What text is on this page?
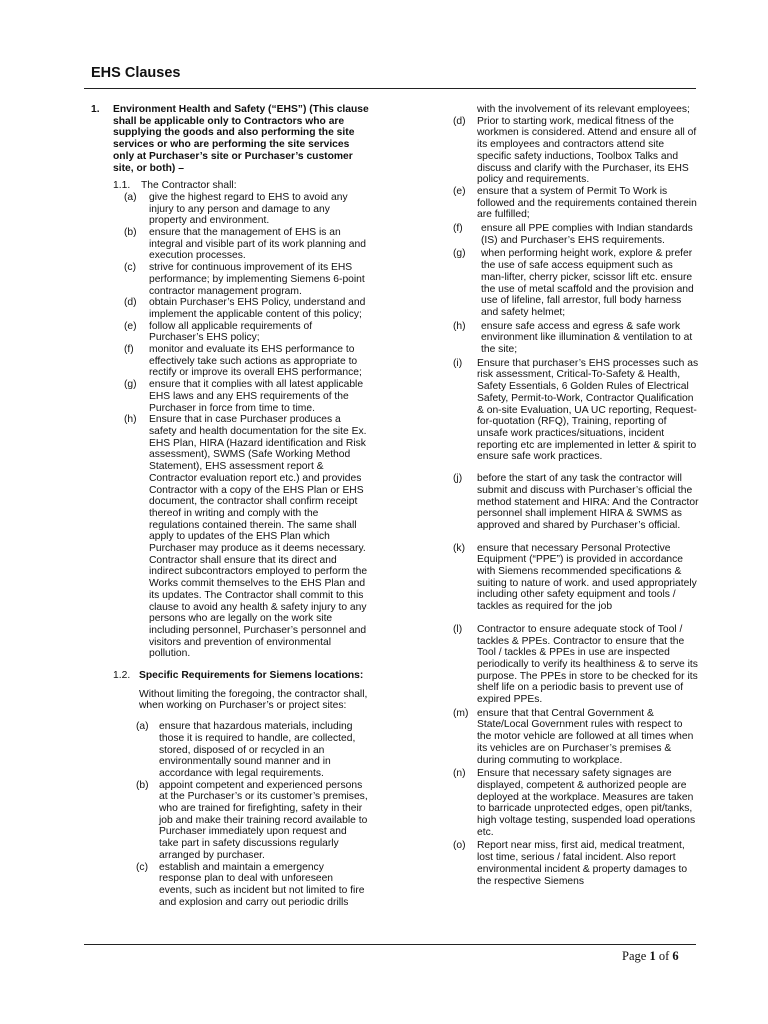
EHS Clauses
1. Environment Health and Safety (“EHS”) (This clause shall be applicable only to Contractors who are supplying the goods and also performing the site services or who are performing the site services only at Purchaser’s site or Purchaser’s customer site, or both) –
1.1. The Contractor shall:
(a) give the highest regard to EHS to avoid any injury to any person and damage to any property and environment.
(b) ensure that the management of EHS is an integral and visible part of its work planning and execution processes.
(c) strive for continuous improvement of its EHS performance; by implementing Siemens 6-point contractor management program.
(d) obtain Purchaser’s EHS Policy, understand and implement the applicable content of this policy;
(e) follow all applicable requirements of Purchaser’s EHS policy;
(f) monitor and evaluate its EHS performance to effectively take such actions as appropriate to rectify or improve its overall EHS performance;
(g) ensure that it complies with all latest applicable EHS laws and any EHS requirements of the Purchaser in force from time to time.
(h) Ensure that in case Purchaser produces a safety and health documentation for the site Ex. EHS Plan, HIRA (Hazard identification and Risk assessment), SWMS (Safe Working Method Statement), EHS assessment report & Contractor evaluation report etc.) and provides Contractor with a copy of the EHS Plan or EHS document, the contractor shall confirm receipt thereof in writing and comply with the regulations contained therein. The same shall apply to updates of the EHS Plan which Purchaser may produce as it deems necessary. Contractor shall ensure that its direct and indirect subcontractors employed to perform the Works commit themselves to the EHS Plan and its updates. The Contractor shall commit to this clause to avoid any health & safety injury to any persons who are legally on the work site including personnel, Purchaser’s personnel and visitors and prevention of environmental pollution.
1.2. Specific Requirements for Siemens locations:
Without limiting the foregoing, the contractor shall, when working on Purchaser’s or project sites:
(a) ensure that hazardous materials, including those it is required to handle, are collected, stored, disposed of or recycled in an environmentally sound manner and in accordance with legal requirements.
(b) appoint competent and experienced persons at the Purchaser’s or its customer’s premises, who are trained for firefighting, safety in their job and make their training record available to Purchaser immediately upon request and take part in safety discussions regularly arranged by purchaser.
(c) establish and maintain a emergency response plan to deal with unforeseen events, such as incident but not limited to fire and explosion and carry out periodic drills
with the involvement of its relevant employees;
(d) Prior to starting work, medical fitness of the workmen is considered. Attend and ensure all of its employees and contractors attend site specific safety inductions, Toolbox Talks and discuss and clarify with the Purchaser, its EHS policy and requirements.
(e) ensure that a system of Permit To Work is followed and the requirements contained therein are fulfilled;
(f) ensure all PPE complies with Indian standards (IS) and Purchaser’s EHS requirements.
(g) when performing height work, explore & prefer the use of safe access equipment such as man-lifter, cherry picker, scissor lift etc. ensure the use of metal scaffold and the provision and use of lifeline, fall arrestor, full body harness and safety helmet;
(h) ensure safe access and egress & safe work environment like illumination & ventilation to at the site;
(i) Ensure that purchaser’s EHS processes such as risk assessment, Critical-To-Safety & Health, Safety Essentials, 6 Golden Rules of Electrical Safety, Permit-to-Work, Contractor Qualification & on-site Evaluation, UA UC reporting, Request-for-quotation (RFQ), Training, reporting of unsafe work practices/situations, incident reporting etc are implemented in letter & spirit to ensure safe work practices.
(j) before the start of any task the contractor will submit and discuss with Purchaser’s official the method statement and HIRA: And the Contractor personnel shall implement HIRA & SWMS as approved and shared by Purchaser’s official.
(k) ensure that necessary Personal Protective Equipment (“PPE”) is provided in accordance with Siemens recommended specifications & suiting to nature of work. and used appropriately including other safety equipment and tools / tackles as required for the job
(l) Contractor to ensure adequate stock of Tool / tackles & PPEs. Contractor to ensure that the Tool / tackles & PPEs in use are inspected periodically to verify its healthiness & to serve its purpose. The PPEs in store to be checked for its shelf life on a periodic basis to prevent use of expired PPEs.
(m) ensure that that Central Government & State/Local Government rules with respect to the motor vehicle are followed at all times when its vehicles are on Purchaser’s premises & during commuting to workplace.
(n) Ensure that necessary safety signages are displayed, competent & authorized people are deployed at the workplace. Measures are taken to barricade unprotected edges, open pit/tanks, high voltage testing, suspended load operations etc.
(o) Report near miss, first aid, medical treatment, lost time, serious / fatal incident. Also report environmental incident & property damages to the respective Siemens
Page 1 of 6
